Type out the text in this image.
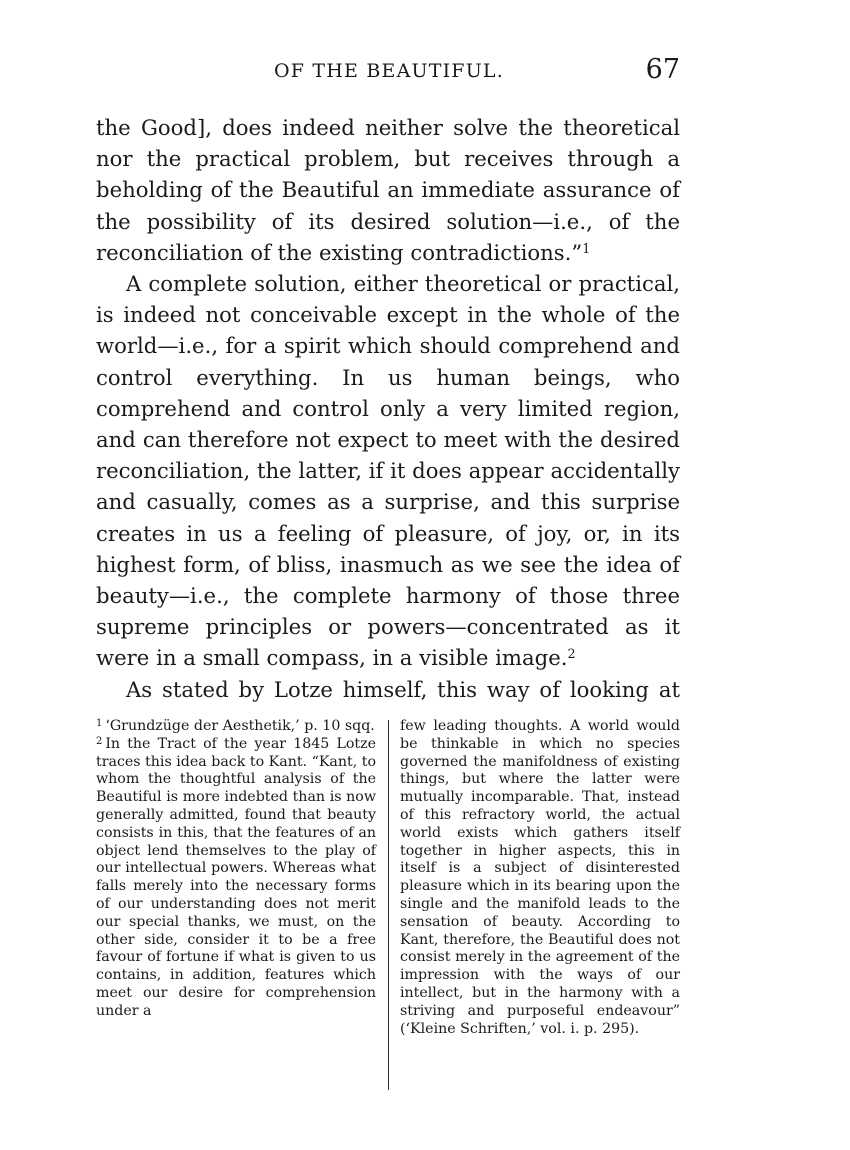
OF THE BEAUTIFUL.	67

the Good], does indeed neither solve the theoretical nor the practical problem, but receives through a beholding of the Beautiful an immediate assurance of the possibility of its desired solution—i.e., of the reconciliation of the existing contradictions.”$^1$

A complete solution, either theoretical or practical, is indeed not conceivable except in the whole of the world—i.e., for a spirit which should comprehend and control everything. In us human beings, who comprehend and control only a very limited region, and can therefore not expect to meet with the desired reconciliation, the latter, if it does appear accidentally and casually, comes as a surprise, and this surprise creates in us a feeling of pleasure, of joy, or, in its highest form, of bliss, inasmuch as we see the idea of beauty—i.e., the complete harmony of those three supreme principles or powers—concentrated as it were in a small compass, in a visible image.$^2$

As stated by Lotze himself, this way of looking at

$^1$ ‘Grundzüge der Aesthetik,’ p. 10 sqq.

$^2$ In the Tract of the year 1845 Lotze traces this idea back to Kant. “Kant, to whom the thoughtful analysis of the Beautiful is more indebted than is now generally admitted, found that beauty consists in this, that the features of an object lend themselves to the play of our intellectual powers. Whereas what falls merely into the necessary forms of our understanding does not merit our special thanks, we must, on the other side, consider it to be a free favour of fortune if what is given to us contains, in addition, features which meet our desire for comprehension under a

few leading thoughts. A world would be thinkable in which no species governed the manifoldness of existing things, but where the latter were mutually incomparable. That, instead of this refractory world, the actual world exists which gathers itself together in higher aspects, this in itself is a subject of disinterested pleasure which in its bearing upon the single and the manifold leads to the sensation of beauty. According to Kant, therefore, the Beautiful does not consist merely in the agreement of the impression with the ways of our intellect, but in the harmony with a striving and purposeful endeavour” (‘Kleine Schriften,’ vol. i. p. 295).
